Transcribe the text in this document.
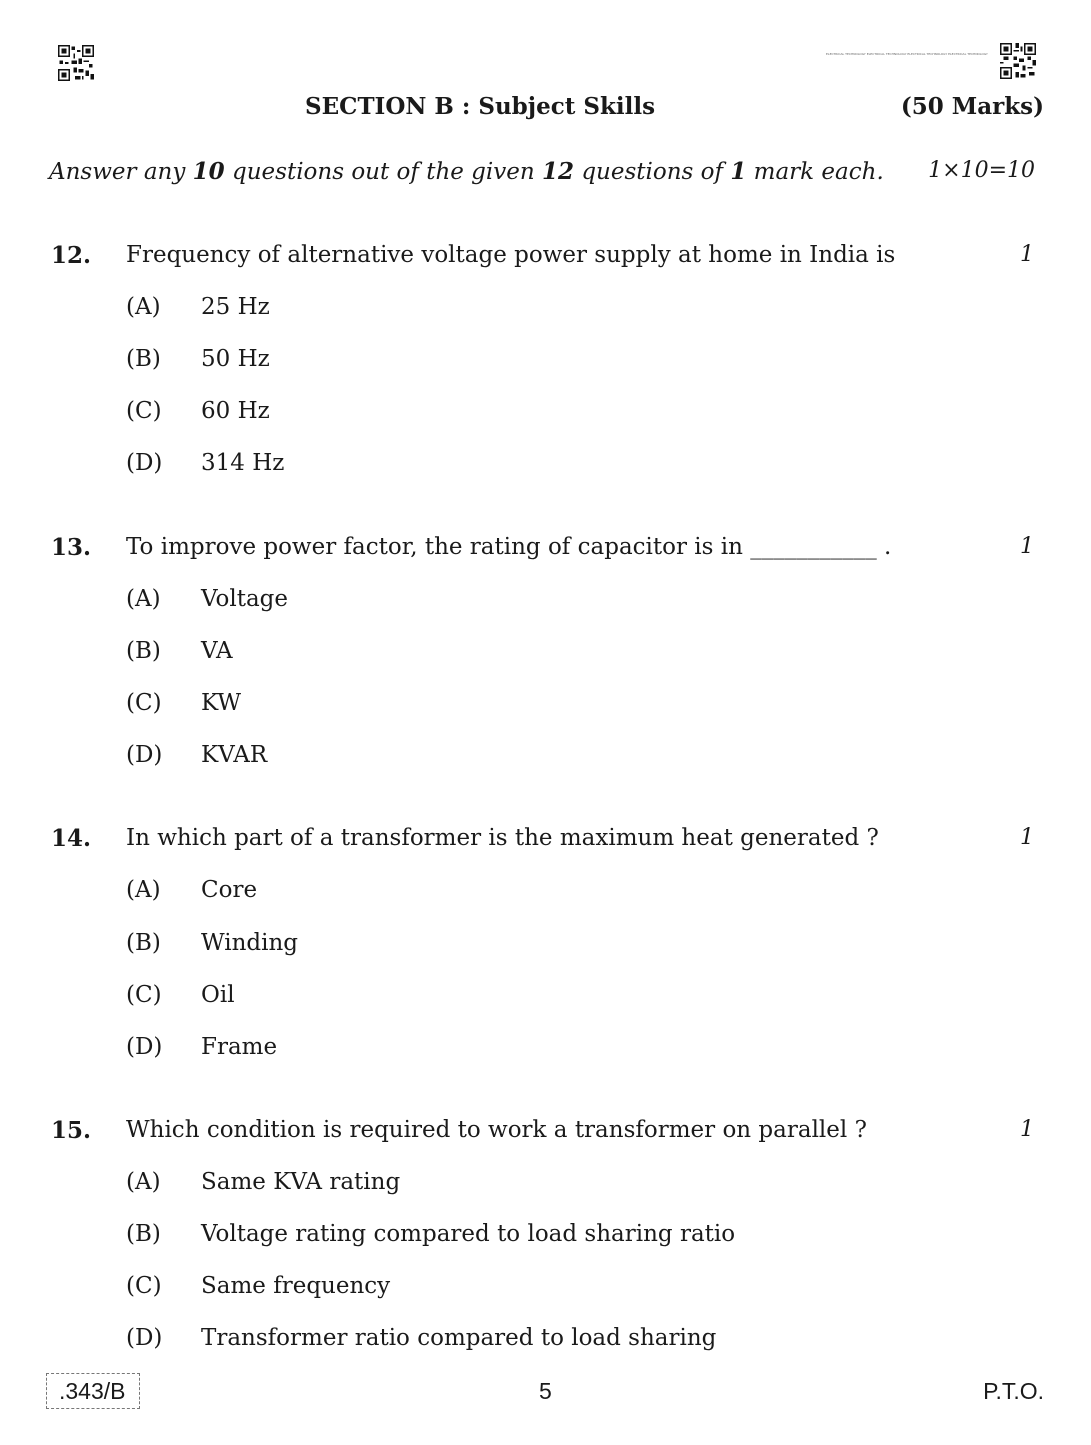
ELECTRICAL TECHNOLOGY ELECTRICAL TECHNOLOGY ELECTRICAL TECHNOLOGY ELECTRICAL TECHNOLOGY
SECTION B : Subject Skills	(50 Marks)
Answer any 10 questions out of the given 12 questions of 1 mark each. 1×10=10
12. Frequency of alternative voltage power supply at home in India is	1
(A) 25 Hz
(B) 50 Hz
(C) 60 Hz
(D) 314 Hz
13. To improve power factor, the rating of capacitor is in ___________ .	1
(A) Voltage
(B) VA
(C) KW
(D) KVAR
14. In which part of a transformer is the maximum heat generated ?	1
(A) Core
(B) Winding
(C) Oil
(D) Frame
15. Which condition is required to work a transformer on parallel ?	1
(A) Same KVA rating
(B) Voltage rating compared to load sharing ratio
(C) Same frequency
(D) Transformer ratio compared to load sharing
.343/B	5	P.T.O.
